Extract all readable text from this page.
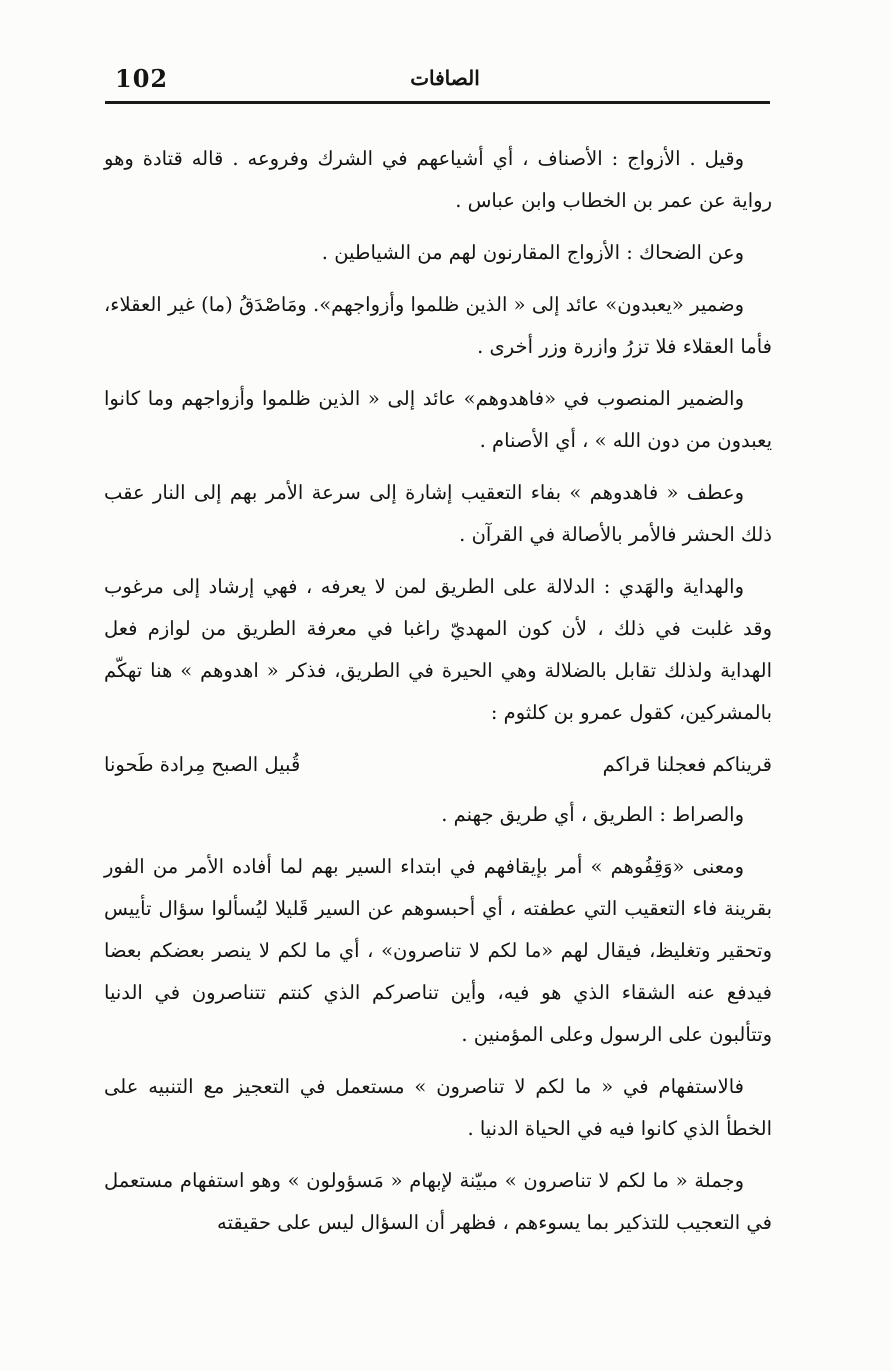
102	الصافات

وقيل . الأزواج : الأصناف ، أي أشياعهم في الشرك وفروعه . قاله قتادة وهو رواية عن عمر بن الخطاب وابن عباس .

وعن الضحاك : الأزواج المقارنون لهم من الشياطين .

وضمير «يعبدون» عائد إلى « الذين ظلموا وأزواجهم». ومَاصْدَقُ (ما) غير العقلاء، فأما العقلاء فلا تزرُ وازرة وزر أخرى .

والضمير المنصوب في «فاهدوهم» عائد إلى « الذين ظلموا وأزواجهم وما كانوا يعبدون من دون الله » ، أي الأصنام .

وعطف « فاهدوهم » بفاء التعقيب إشارة إلى سرعة الأمر بهم إلى النار عقب ذلك الحشر فالأمر بالأصالة في القرآن .

والهداية والهَدي : الدلالة على الطريق لمن لا يعرفه ، فهي إرشاد إلى مرغوب وقد غلبت في ذلك ، لأن كون المهديّ راغبا في معرفة الطريق من لوازم فعل الهداية ولذلك تقابل بالضلالة وهي الحيرة في الطريق، فذكر « اهدوهم » هنا تهكّم بالمشركين، كقول عمرو بن كلثوم :

قريناكم فعجلنا قراكم
قُبيل الصبح مِرادة طَحونا

والصراط : الطريق ، أي طريق جهنم .

ومعنى «وَقِفُوهم » أمر بإيقافهم في ابتداء السير بهم لما أفاده الأمر من الفور بقرينة فاء التعقيب التي عطفته ، أي أحبسوهم عن السير قَليلا ليُسألوا سؤال تأييس وتحقير وتغليظ، فيقال لهم «ما لكم لا تناصرون» ، أي ما لكم لا ينصر بعضكم بعضا فيدفع عنه الشقاء الذي هو فيه، وأين تناصركم الذي كنتم تتناصرون في الدنيا وتتألبون على الرسول وعلى المؤمنين .

فالاستفهام في « ما لكم لا تناصرون » مستعمل في التعجيز مع التنبيه على الخطأ الذي كانوا فيه في الحياة الدنيا .

وجملة « ما لكم لا تناصرون » مبيّنة لإبهام « مَسؤولون » وهو استفهام مستعمل في التعجيب للتذكير بما يسوءهم ، فظهر أن السؤال ليس على حقيقته
